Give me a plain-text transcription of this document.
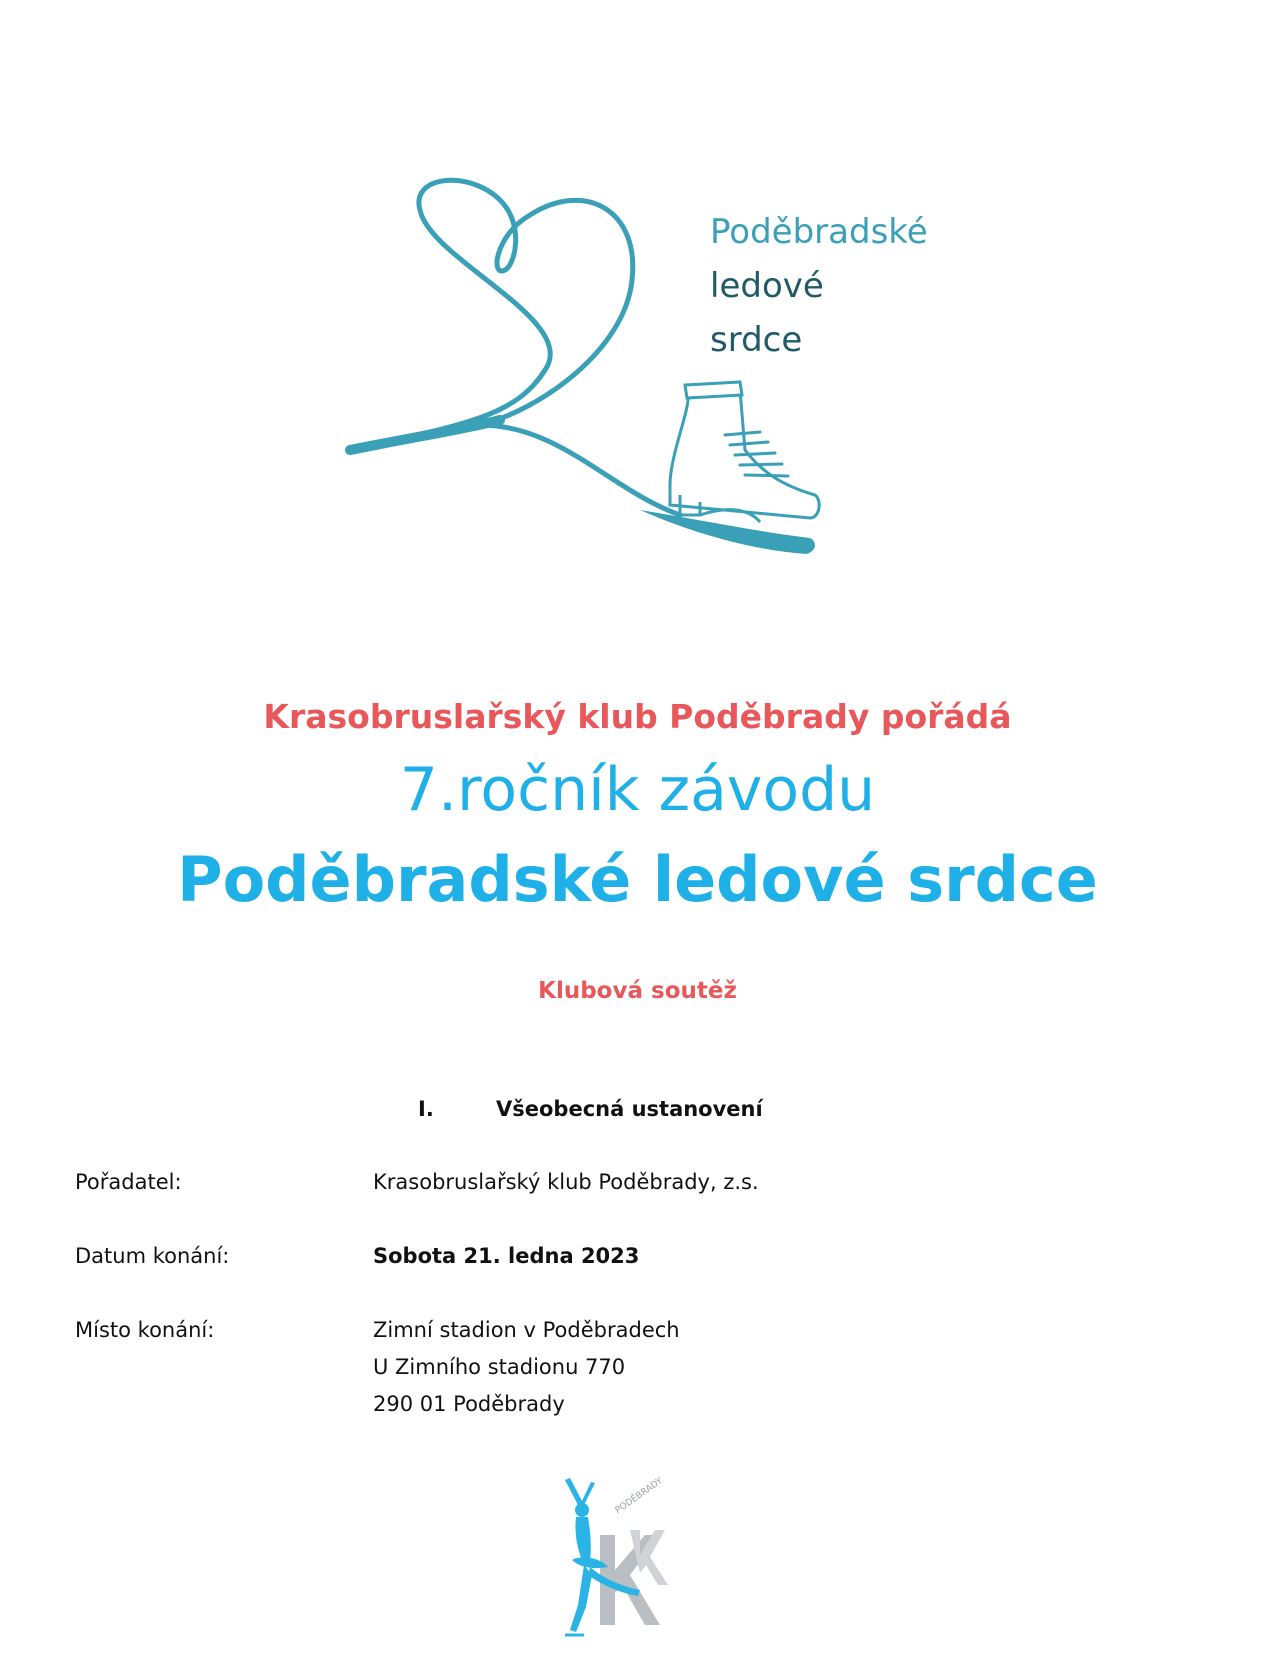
Poděbradské
ledové
srdce
Krasobruslařský klub Poděbrady pořádá
7.ročník závodu
Poděbradské ledové srdce
Klubová soutěž
I.	Všeobecná ustanovení
Pořadatel:	Krasobruslařský klub Poděbrady, z.s.
Datum konání:	Sobota 21. ledna 2023
Místo konání:	Zimní stadion v Poděbradech
U Zimního stadionu 770
290 01 Poděbrady
PODĚBRADY
